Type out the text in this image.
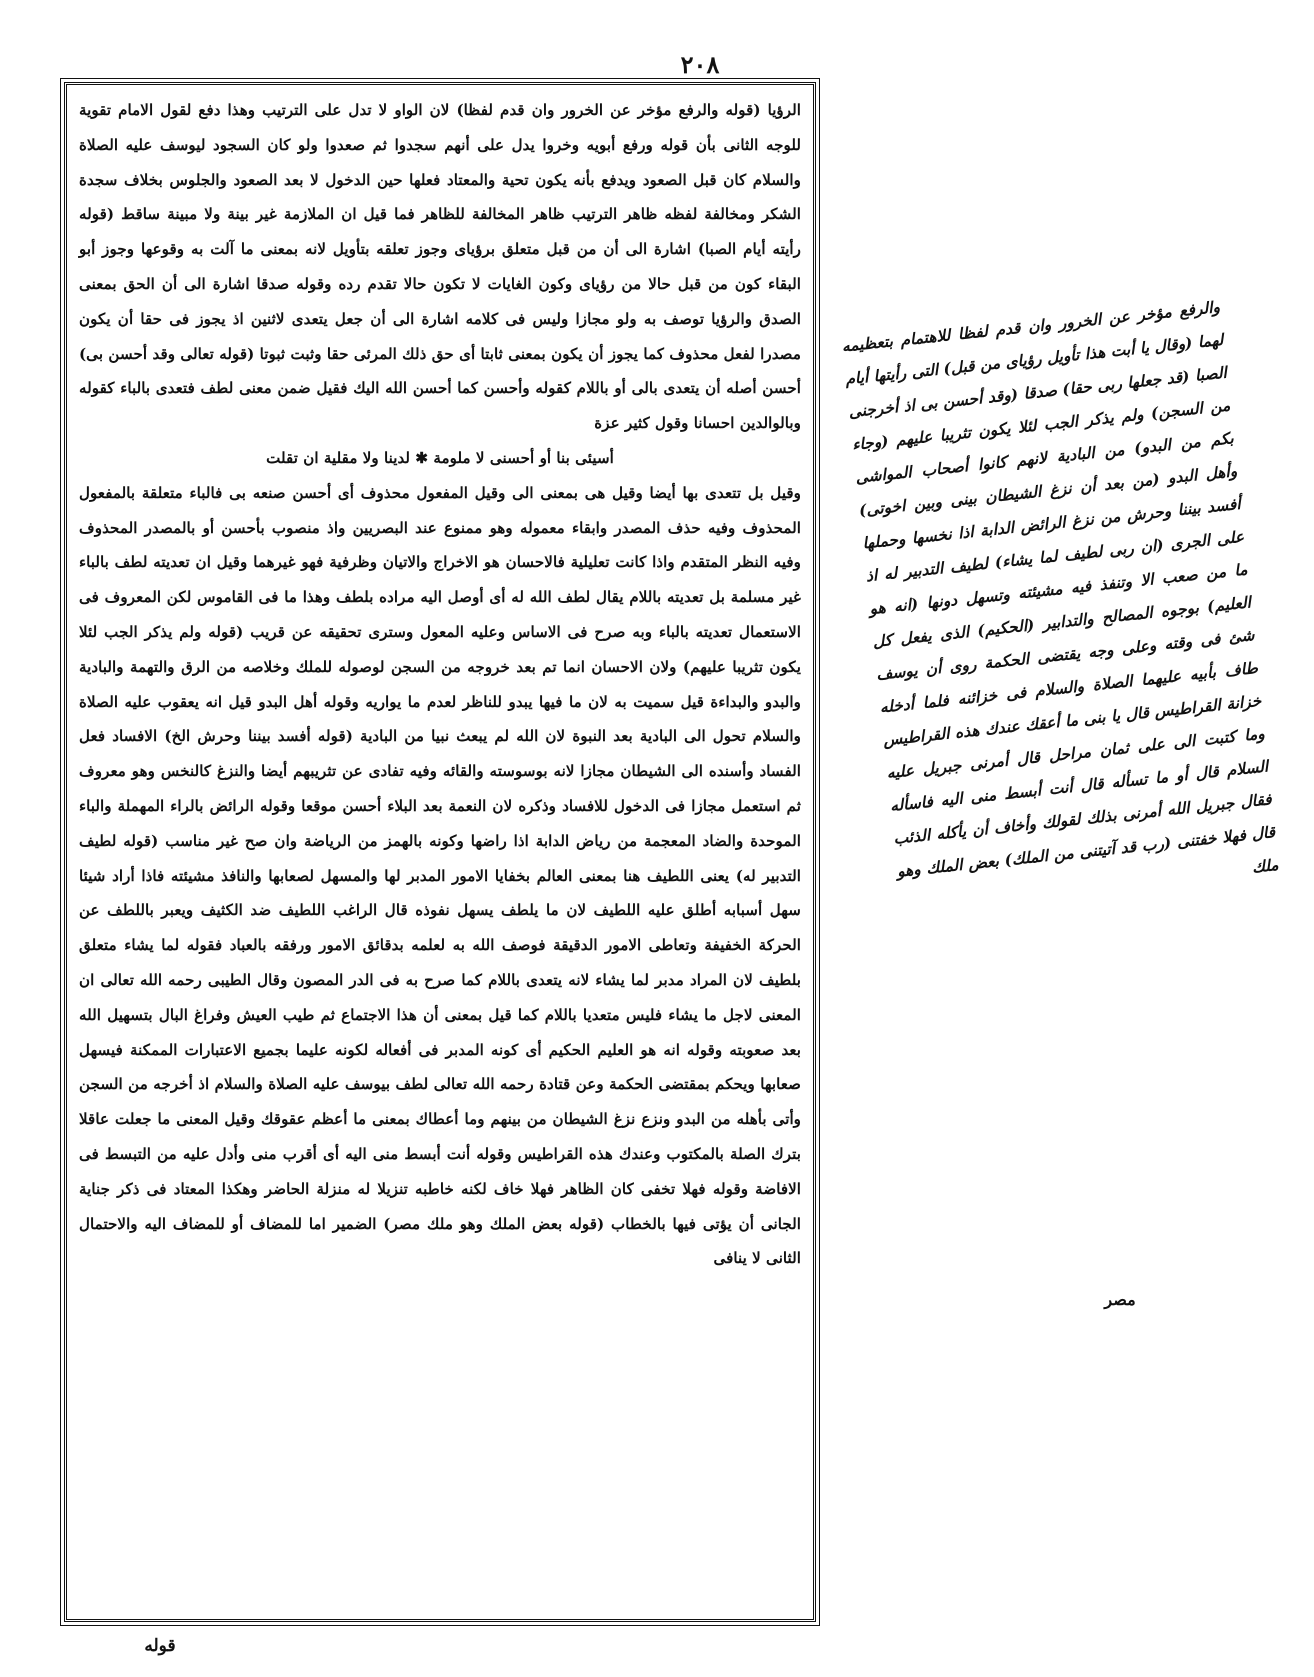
٢٠٨

الرؤيا (قوله والرفع مؤخر عن الخرور وان قدم لفظا) لان الواو لا تدل على الترتيب وهذا دفع لقول الامام تقوية للوجه الثانى بأن قوله ورفع أبويه وخروا يدل على أنهم سجدوا ثم صعدوا ولو كان السجود ليوسف عليه الصلاة والسلام كان قبل الصعود ويدفع بأنه يكون تحية والمعتاد فعلها حين الدخول لا بعد الصعود والجلوس بخلاف سجدة الشكر ومخالفة لفظه ظاهر الترتيب ظاهر المخالفة للظاهر فما قيل ان الملازمة غير بينة ولا مبينة ساقط (قوله رأيته أيام الصبا) اشارة الى أن من قبل متعلق برؤياى وجوز تعلقه بتأويل لانه بمعنى ما آلت به وقوعها وجوز أبو البقاء كون من قبل حالا من رؤياى وكون الغايات لا تكون حالا تقدم رده وقوله صدقا اشارة الى أن الحق بمعنى الصدق والرؤيا توصف به ولو مجازا وليس فى كلامه اشارة الى أن جعل يتعدى لاثنين اذ يجوز فى حقا أن يكون مصدرا لفعل محذوف كما يجوز أن يكون بمعنى ثابتا أى حق ذلك المرئى حقا وثبت ثبوتا (قوله تعالى وقد أحسن بى) أحسن أصله أن يتعدى بالى أو باللام كقوله وأحسن كما أحسن الله اليك فقيل ضمن معنى لطف فتعدى بالباء كقوله وبالوالدين احسانا وقول كثير عزة

أسيئى بنا أو أحسنى لا ملومة ✱ لدينا ولا مقلية ان تقلت

وقيل بل تتعدى بها أيضا وقيل هى بمعنى الى وقيل المفعول محذوف أى أحسن صنعه بى فالباء متعلقة بالمفعول المحذوف وفيه حذف المصدر وابقاء معموله وهو ممنوع عند البصريين واذ منصوب بأحسن أو بالمصدر المحذوف وفيه النظر المتقدم واذا كانت تعليلية فالاحسان هو الاخراج والاتيان وظرفية فهو غيرهما وقيل ان تعديته لطف بالباء غير مسلمة بل تعديته باللام يقال لطف الله له أى أوصل اليه مراده بلطف وهذا ما فى القاموس لكن المعروف فى الاستعمال تعديته بالباء وبه صرح فى الاساس وعليه المعول وسترى تحقيقه عن قريب (قوله ولم يذكر الجب لئلا يكون تثريبا عليهم) ولان الاحسان انما تم بعد خروجه من السجن لوصوله للملك وخلاصه من الرق والتهمة والبادية والبدو والبداءة قيل سميت به لان ما فيها يبدو للناظر لعدم ما يواريه وقوله أهل البدو قيل انه يعقوب عليه الصلاة والسلام تحول الى البادية بعد النبوة لان الله لم يبعث نبيا من البادية (قوله أفسد بيننا وحرش الخ) الافساد فعل الفساد وأسنده الى الشيطان مجازا لانه بوسوسته والقائه وفيه تفادى عن تثريبهم أيضا والنزغ كالنخس وهو معروف ثم استعمل مجازا فى الدخول للافساد وذكره لان النعمة بعد البلاء أحسن موقعا وقوله الرائض بالراء المهملة والباء الموحدة والضاد المعجمة من رياض الدابة اذا راضها وكونه بالهمز من الرياضة وان صح غير مناسب (قوله لطيف التدبير له) يعنى اللطيف هنا بمعنى العالم بخفايا الامور المدبر لها والمسهل لصعابها والنافذ مشيئته فاذا أراد شيئا سهل أسبابه أطلق عليه اللطيف لان ما يلطف يسهل نفوذه قال الراغب اللطيف ضد الكثيف ويعبر باللطف عن الحركة الخفيفة وتعاطى الامور الدقيقة فوصف الله به لعلمه بدقائق الامور ورفقه بالعباد فقوله لما يشاء متعلق بلطيف لان المراد مدبر لما يشاء لانه يتعدى باللام كما صرح به فى الدر المصون وقال الطيبى رحمه الله تعالى ان المعنى لاجل ما يشاء فليس متعديا باللام كما قيل بمعنى أن هذا الاجتماع ثم طيب العيش وفراغ البال بتسهيل الله بعد صعوبته وقوله انه هو العليم الحكيم أى كونه المدبر فى أفعاله لكونه عليما بجميع الاعتبارات الممكنة فيسهل صعابها ويحكم بمقتضى الحكمة وعن قتادة رحمه الله تعالى لطف بيوسف عليه الصلاة والسلام اذ أخرجه من السجن وأتى بأهله من البدو ونزع نزغ الشيطان من بينهم وما أعطاك بمعنى ما أعظم عقوقك وقيل المعنى ما جعلت عاقلا بترك الصلة بالمكتوب وعندك هذه القراطيس وقوله أنت أبسط منى اليه أى أقرب منى وأدل عليه من التبسط فى الافاضة وقوله فهلا تخفى كان الظاهر فهلا خاف لكنه خاطبه تنزيلا له منزلة الحاضر وهكذا المعتاد فى ذكر جناية الجانى أن يؤتى فيها بالخطاب (قوله بعض الملك وهو ملك مصر) الضمير اما للمضاف أو للمضاف اليه والاحتمال الثانى لا ينافى

والرفع مؤخر عن الخرور وان قدم لفظا للاهتمام بتعظيمه لهما (وقال يا أبت هذا تأويل رؤياى من قبل) التى رأيتها أيام الصبا (قد جعلها ربى حقا) صدقا (وقد أحسن بى اذ أخرجنى من السجن) ولم يذكر الجب لئلا يكون تثريبا عليهم (وجاء بكم من البدو) من البادية لانهم كانوا أصحاب المواشى وأهل البدو (من بعد أن نزغ الشيطان بينى وبين اخوتى) أفسد بيننا وحرش من نزغ الرائض الدابة اذا نخسها وحملها على الجرى (ان ربى لطيف لما يشاء) لطيف التدبير له اذ ما من صعب الا وتنفذ فيه مشيئته وتسهل دونها (انه هو العليم) بوجوه المصالح والتدابير (الحكيم) الذى يفعل كل شئ فى وقته وعلى وجه يقتضى الحكمة روى أن يوسف طاف بأبيه عليهما الصلاة والسلام فى خزائنه فلما أدخله خزانة القراطيس قال يا بنى ما أعقك عندك هذه القراطيس وما كتبت الى على ثمان مراحل قال أمرنى جبريل عليه السلام قال أو ما تسأله قال أنت أبسط منى اليه فاسأله فقال جبريل الله أمرنى بذلك لقولك وأخاف أن يأكله الذئب قال فهلا خفتنى (رب قد آتيتنى من الملك) بعض الملك وهو ملك
مصر
قوله
